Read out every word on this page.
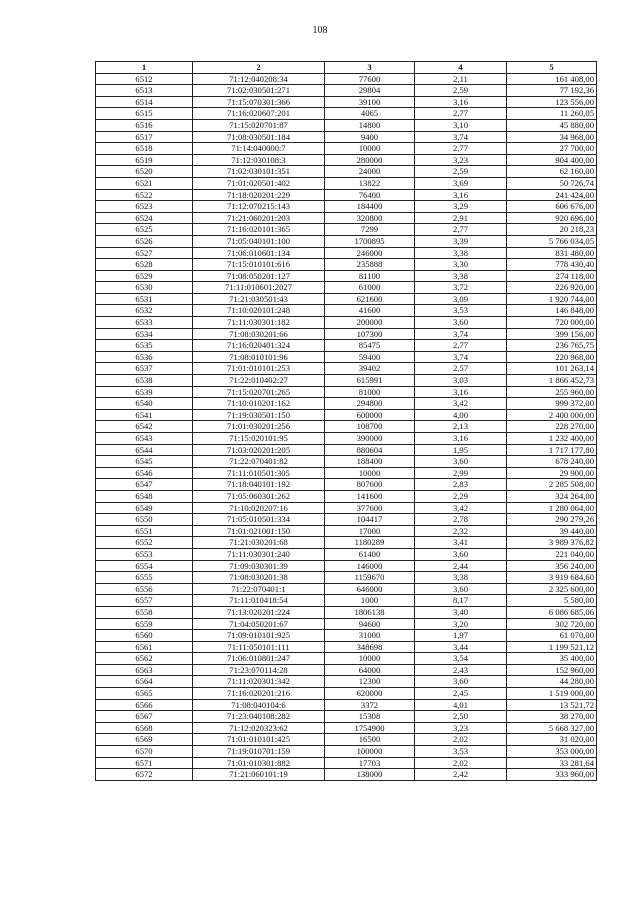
108
1	2	3	4	5
6512	71:12:040208:34	77600	2,11	161 408,00
6513	71:02:030501:271	29804	2,59	77 192,36
6514	71:15:070301:366	39100	3,16	123 556,00
6515	71:16:020607:201	4065	2,77	11 260,05
6516	71:15:020701:87	14800	3,10	45 880,00
6517	71:08:030501:184	9400	3,74	34 968,00
6518	71:14:040000:7	10000	2,77	27 700,00
6519	71:12:030108:3	280000	3,23	904 400,00
6520	71:02:030101:351	24000	2,59	62 160,00
6521	71:01:020501:402	13822	3,69	50 726,74
6522	71:18:020201:229	76400	3,16	241 424,00
6523	71:12:070215:143	184400	3,29	606 676,00
6524	71:21:060201:203	320800	2,91	920 696,00
6525	71:16:020101:365	7299	2,77	20 218,23
6526	71:05:040101:100	1700895	3,39	5 766 034,05
6527	71:06:010601:134	246000	3,38	831 480,00
6528	71:15:010101:616	235888	3,30	778 430,40
6529	71:08:050201:127	81100	3,38	274 118,00
6530	71:11:010601:2027	61000	3,72	226 920,00
6531	71:21:030501:43	621600	3,09	1 920 744,00
6532	71:10:020101:248	41600	3,53	146 848,00
6533	71:11:030301:182	200000	3,60	720 000,00
6534	71:08:030201:66	107300	3,74	399 156,00
6535	71:16:020401:324	85475	2,77	236 765,75
6536	71:08:010101:96	59400	3,74	220 968,00
6537	71:01:010101:253	39402	2,57	101 263,14
6538	71:22:010402:27	615991	3,03	1 866 452,73
6539	71:15:020701:265	81000	3,16	255 960,00
6540	71:10:010201:162	294800	3,42	999 372,00
6541	71:19:030501:150	600000	4,00	2 400 000,00
6542	71:01:030201:256	108700	2,13	228 270,00
6543	71:15:020101:95	390000	3,16	1 232 400,00
6544	71:03:020201:205	880604	1,95	1 717 177,80
6545	71:22:070401:82	188400	3,60	678 240,00
6546	71:11:010501:305	10000	2,99	29 900,00
6547	71:18:040101:192	807600	2,83	2 285 508,00
6548	71:05:060301:262	141600	2,29	324 264,00
6549	71:10:020207:16	377600	3,42	1 280 064,00
6550	71:05:010501:334	104417	2,78	290 279,26
6551	71:01:021001:150	17000	2,32	39 440,00
6552	71:21:030201:68	1180289	3,41	3 989 376,82
6553	71:11:030301:240	61400	3,60	221 040,00
6554	71:09:030301:39	146000	2,44	356 240,00
6555	71:08:030201:38	1159670	3,38	3 919 684,60
6556	71:22:070401:1	646000	3,60	2 325 600,00
6557	71:11:010418:54	1000	8,17	5 580,00
6558	71:13:020201:224	1806138	3,40	6 086 685,06
6559	71:04:050201:67	94600	3,20	302 720,00
6560	71:09:010101:925	31000	1,97	61 070,00
6561	71:11:050101:111	348698	3,44	1 199 521,12
6562	71:06:010801:247	10000	3,54	35 400,00
6563	71:23:070114:28	64000	2,43	152 960,00
6564	71:11:020301:342	12300	3,60	44 280,00
6565	71:16:020201:216	620000	2,45	1 519 000,00
6566	71:08:040104:6	3372	4,01	13 521,72
6567	71:23:040108:282	15308	2,50	38 270,00
6568	71:12:020323:62	1754900	3,23	5 668 327,00
6569	71:01:010101:425	16500	2,02	31 020,00
6570	71:19:010701:159	100000	3,53	353 000,00
6571	71:01:010301:882	17703	2,02	33 281,64
6572	71:21:060101:19	138000	2,42	333 960,00
